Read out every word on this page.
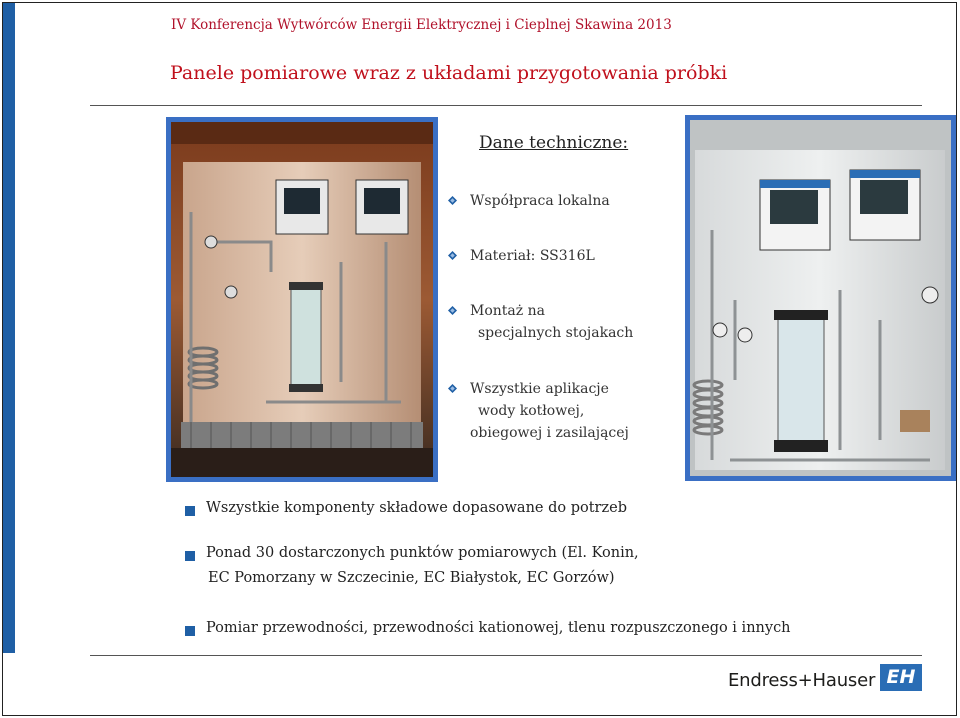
IV Konferencja Wytwórców Energii Elektrycznej i Cieplnej Skawina 2013
Panele pomiarowe wraz z układami przygotowania próbki
Dane techniczne:
Współpraca lokalna
Materiał: SS316L
Montaż na
specjalnych stojakach
Wszystkie aplikacje
wody kotłowej,
obiegowej i zasilającej
Wszystkie komponenty składowe dopasowane do potrzeb
Ponad 30 dostarczonych punktów pomiarowych (El. Konin,
EC Pomorzany w Szczecinie, EC Białystok, EC Gorzów)
Pomiar przewodności, przewodności kationowej, tlenu rozpuszczonego i innych
Endress+Hauser EH
